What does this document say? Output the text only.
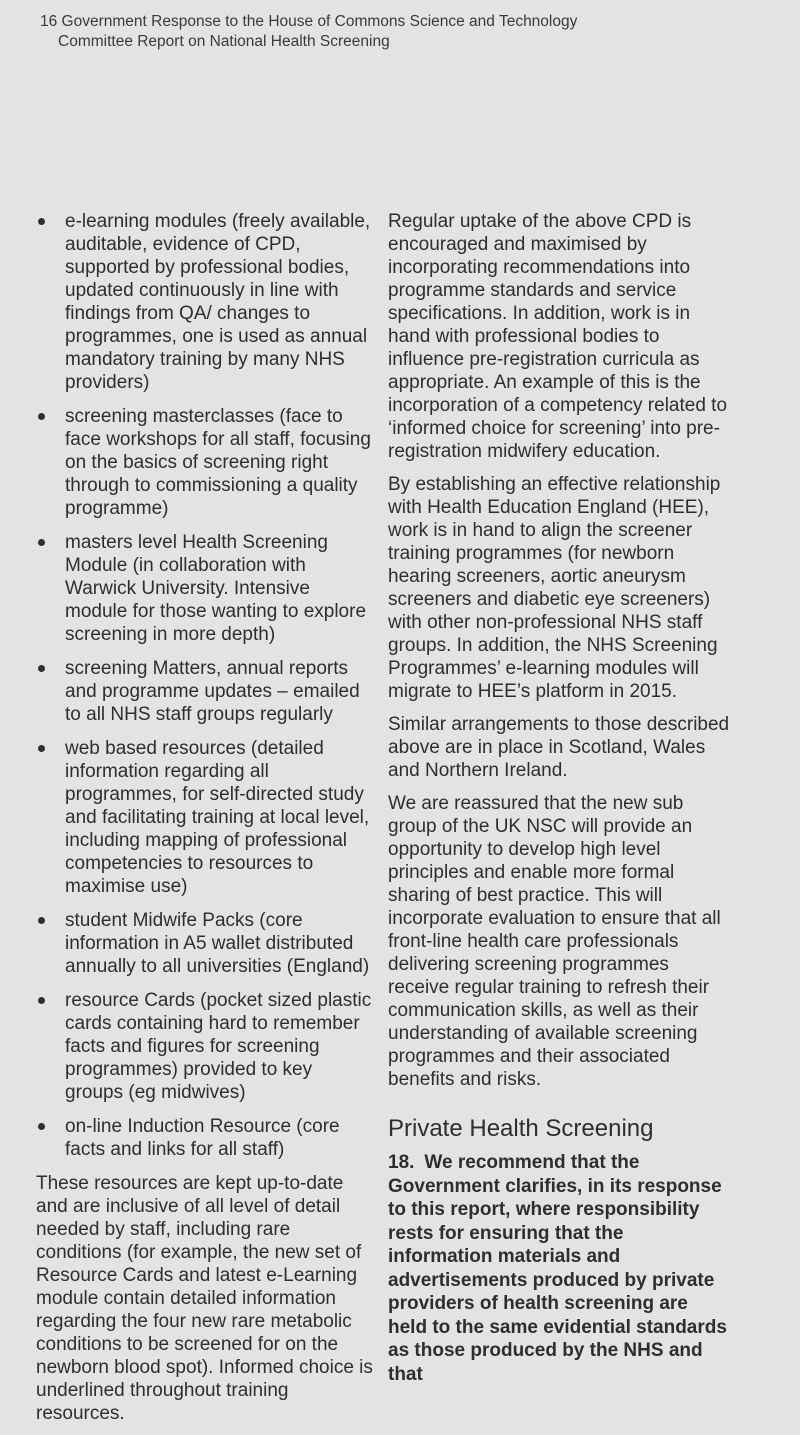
16 Government Response to the House of Commons Science and Technology
Committee Report on National Health Screening
e-learning modules (freely available, auditable, evidence of CPD, supported by professional bodies, updated continuously in line with findings from QA/ changes to programmes, one is used as annual mandatory training by many NHS providers)
screening masterclasses (face to face workshops for all staff, focusing on the basics of screening right through to commissioning a quality programme)
masters level Health Screening Module (in collaboration with Warwick University. Intensive module for those wanting to explore screening in more depth)
screening Matters, annual reports and programme updates – emailed to all NHS staff groups regularly
web based resources (detailed information regarding all programmes, for self-directed study and facilitating training at local level, including mapping of professional competencies to resources to maximise use)
student Midwife Packs (core information in A5 wallet distributed annually to all universities (England)
resource Cards (pocket sized plastic cards containing hard to remember facts and figures for screening programmes) provided to key groups (eg midwives)
on-line Induction Resource (core facts and links for all staff)

These resources are kept up-to-date and are inclusive of all level of detail needed by staff, including rare conditions (for example, the new set of Resource Cards and latest e-Learning module contain detailed information regarding the four new rare metabolic conditions to be screened for on the newborn blood spot). Informed choice is underlined throughout training resources.

Regular uptake of the above CPD is encouraged and maximised by incorporating recommendations into programme standards and service specifications. In addition, work is in hand with professional bodies to influence pre-registration curricula as appropriate. An example of this is the incorporation of a competency related to ‘informed choice for screening’ into pre-registration midwifery education.

By establishing an effective relationship with Health Education England (HEE), work is in hand to align the screener training programmes (for newborn hearing screeners, aortic aneurysm screeners and diabetic eye screeners) with other non-professional NHS staff groups. In addition, the NHS Screening Programmes’ e-learning modules will migrate to HEE’s platform in 2015.

Similar arrangements to those described above are in place in Scotland, Wales and Northern Ireland.

We are reassured that the new sub group of the UK NSC will provide an opportunity to develop high level principles and enable more formal sharing of best practice. This will incorporate evaluation to ensure that all front-line health care professionals delivering screening programmes receive regular training to refresh their communication skills, as well as their understanding of available screening programmes and their associated benefits and risks.

Private Health Screening

18. We recommend that the Government clarifies, in its response to this report, where responsibility rests for ensuring that the information materials and advertisements produced by private providers of health screening are held to the same evidential standards as those produced by the NHS and that
